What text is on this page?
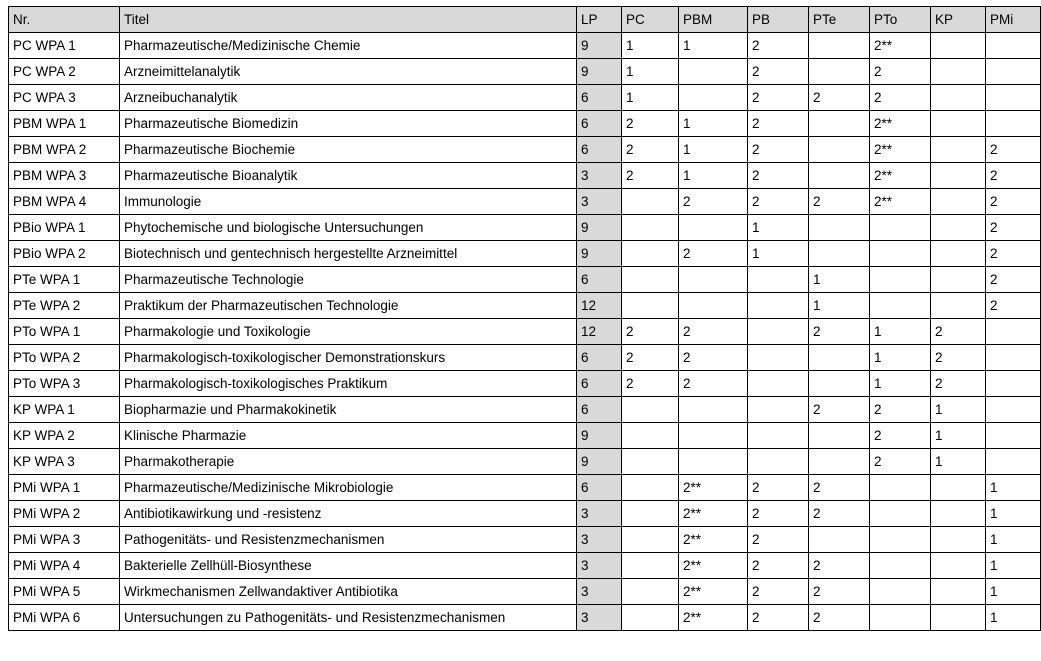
Nr.	Titel	LP	PC	PBM	PB	PTe	PTo	KP	PMi
PC WPA 1	Pharmazeutische/Medizinische Chemie	9	1	1	2		2**		
PC WPA 2	Arzneimittelanalytik	9	1		2		2		
PC WPA 3	Arzneibuchanalytik	6	1		2	2	2		
PBM WPA 1	Pharmazeutische Biomedizin	6	2	1	2		2**		
PBM WPA 2	Pharmazeutische Biochemie	6	2	1	2		2**		2
PBM WPA 3	Pharmazeutische Bioanalytik	3	2	1	2		2**		2
PBM WPA 4	Immunologie	3		2	2	2	2**		2
PBio WPA 1	Phytochemische und biologische Untersuchungen	9			1				2
PBio WPA 2	Biotechnisch und gentechnisch hergestellte Arzneimittel	9		2	1				2
PTe WPA 1	Pharmazeutische Technologie	6				1			2
PTe WPA 2	Praktikum der Pharmazeutischen Technologie	12				1			2
PTo WPA 1	Pharmakologie und Toxikologie	12	2	2		2	1	2	
PTo WPA 2	Pharmakologisch-toxikologischer Demonstrationskurs	6	2	2			1	2	
PTo WPA 3	Pharmakologisch-toxikologisches Praktikum	6	2	2			1	2	
KP WPA 1	Biopharmazie und Pharmakokinetik	6				2	2	1	
KP WPA 2	Klinische Pharmazie	9					2	1	
KP WPA 3	Pharmakotherapie	9					2	1	
PMi WPA 1	Pharmazeutische/Medizinische Mikrobiologie	6		2**	2	2			1
PMi WPA 2	Antibiotikawirkung und -resistenz	3		2**	2	2			1
PMi WPA 3	Pathogenitäts- und Resistenzmechanismen	3		2**	2				1
PMi WPA 4	Bakterielle Zellhüll-Biosynthese	3		2**	2	2			1
PMi WPA 5	Wirkmechanismen Zellwandaktiver Antibiotika	3		2**	2	2			1
PMi WPA 6	Untersuchungen zu Pathogenitäts- und Resistenzmechanismen	3		2**	2	2			1
